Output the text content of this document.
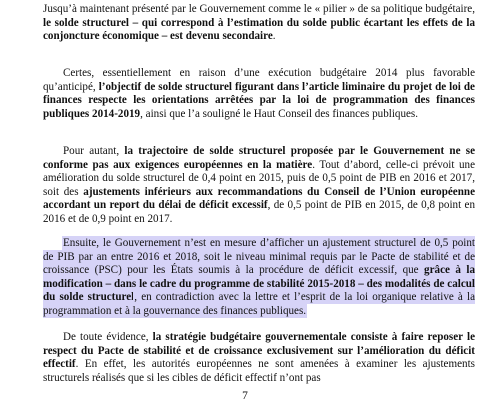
Jusqu’à maintenant présenté par le Gouvernement comme le « pilier » de sa politique budgétaire, le solde structurel – qui correspond à l’estimation du solde public écartant les effets de la conjoncture économique – est devenu secondaire.

Certes, essentiellement en raison d’une exécution budgétaire 2014 plus favorable qu’anticipé, l’objectif de solde structurel figurant dans l’article liminaire du projet de loi de finances respecte les orientations arrêtées par la loi de programmation des finances publiques 2014-2019, ainsi que l’a souligné le Haut Conseil des finances publiques.

Pour autant, la trajectoire de solde structurel proposée par le Gouvernement ne se conforme pas aux exigences européennes en la matière. Tout d’abord, celle-ci prévoit une amélioration du solde structurel de 0,4 point en 2015, puis de 0,5 point de PIB en 2016 et 2017, soit des ajustements inférieurs aux recommandations du Conseil de l’Union européenne accordant un report du délai de déficit excessif, de 0,5 point de PIB en 2015, de 0,8 point en 2016 et de 0,9 point en 2017.

Ensuite, le Gouvernement n’est en mesure d’afficher un ajustement structurel de 0,5 point de PIB par an entre 2016 et 2018, soit le niveau minimal requis par le Pacte de stabilité et de croissance (PSC) pour les États soumis à la procédure de déficit excessif, que grâce à la modification – dans le cadre du programme de stabilité 2015-2018 – des modalités de calcul du solde structurel, en contradiction avec la lettre et l’esprit de la loi organique relative à la programmation et à la gouvernance des finances publiques.

De toute évidence, la stratégie budgétaire gouvernementale consiste à faire reposer le respect du Pacte de stabilité et de croissance exclusivement sur l’amélioration du déficit effectif. En effet, les autorités européennes ne sont amenées à examiner les ajustements structurels réalisés que si les cibles de déficit effectif n’ont pas

7
